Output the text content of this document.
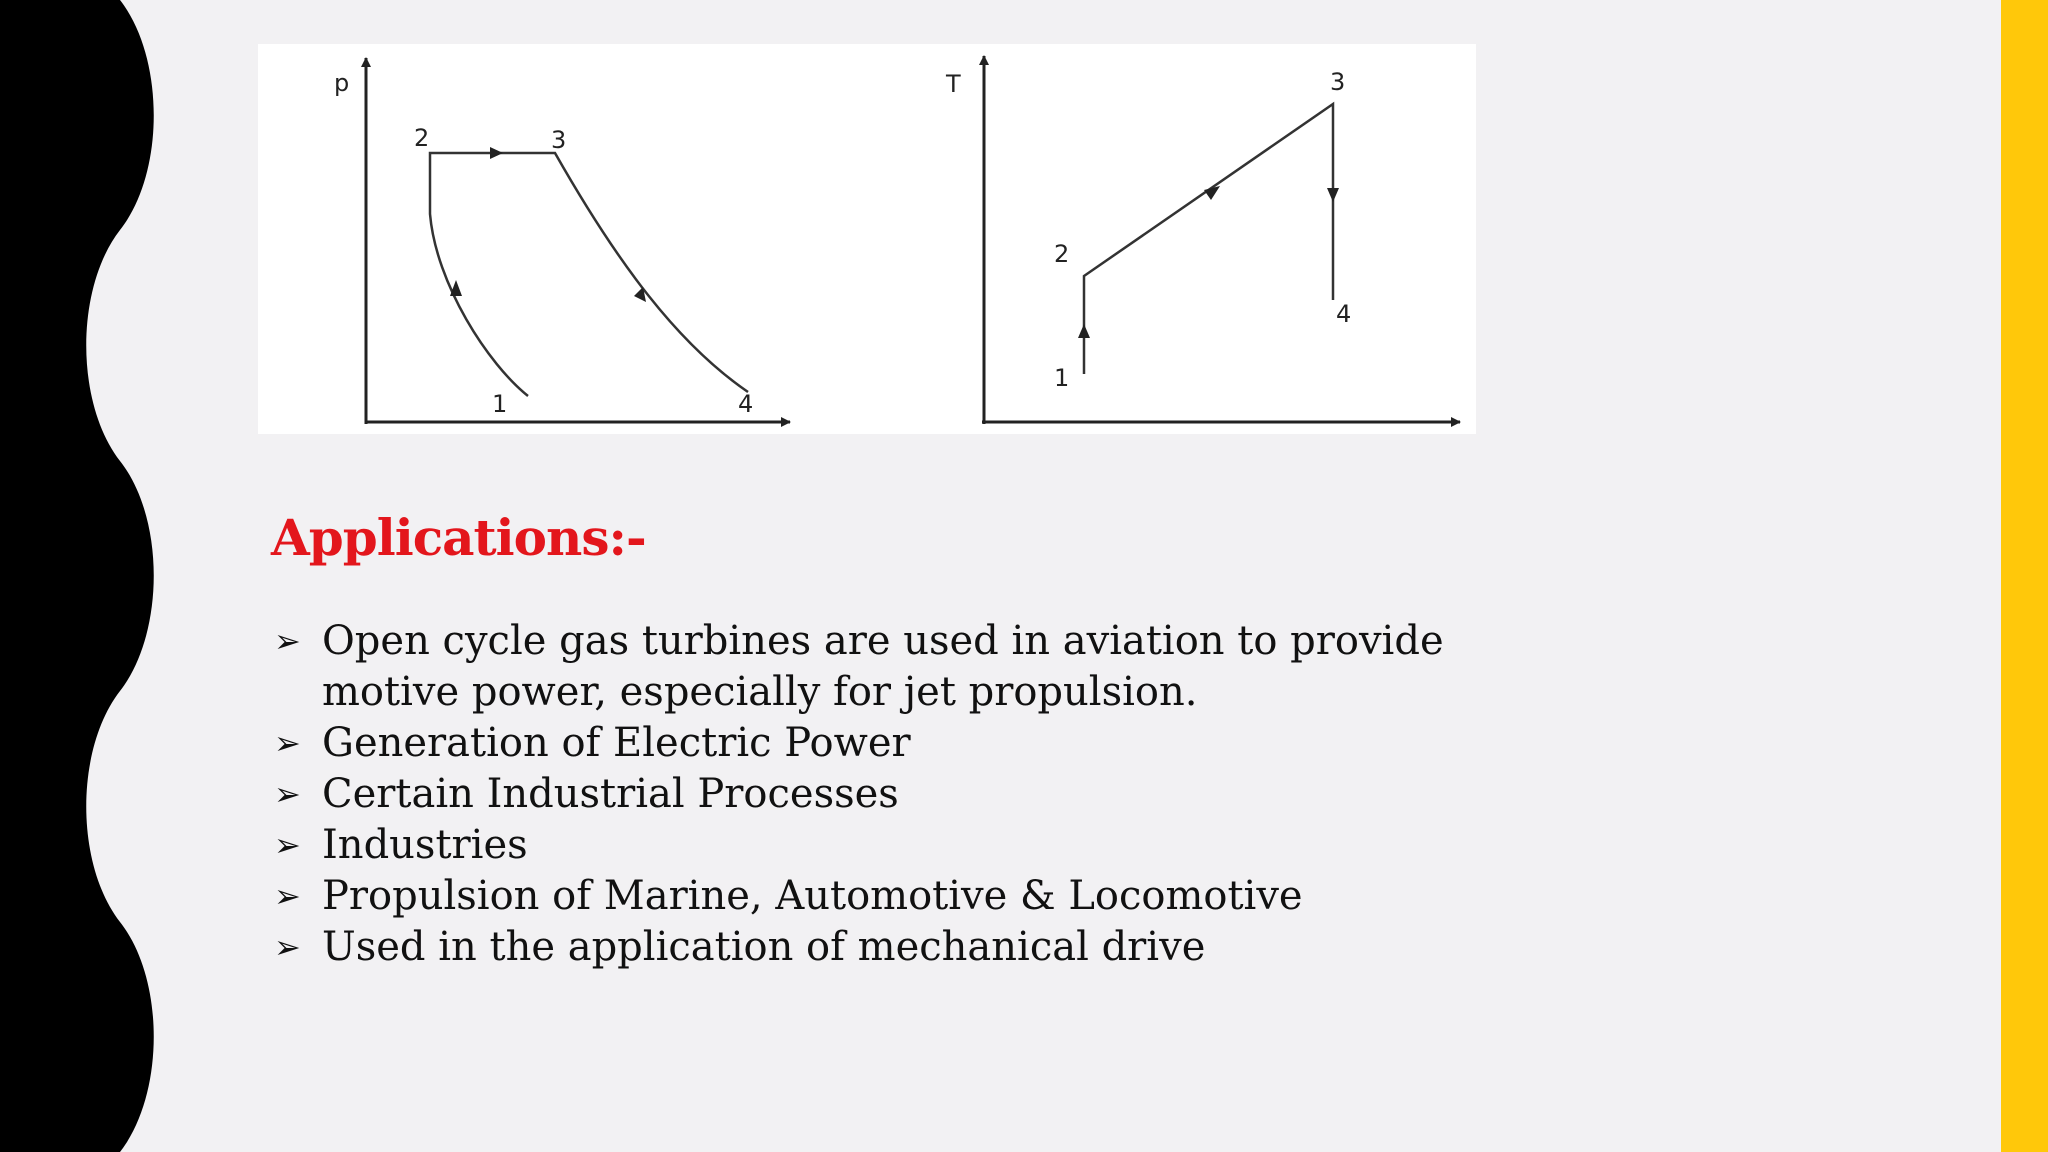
p
1
2	3
4
T
1
2
3
4
Applications:-
➢ Open cycle gas turbines are used in aviation to provide motive power, especially for jet propulsion.
➢ Generation of Electric Power
➢ Certain Industrial Processes
➢ Industries
➢ Propulsion of Marine, Automotive & Locomotive
➢ Used in the application of mechanical drive
